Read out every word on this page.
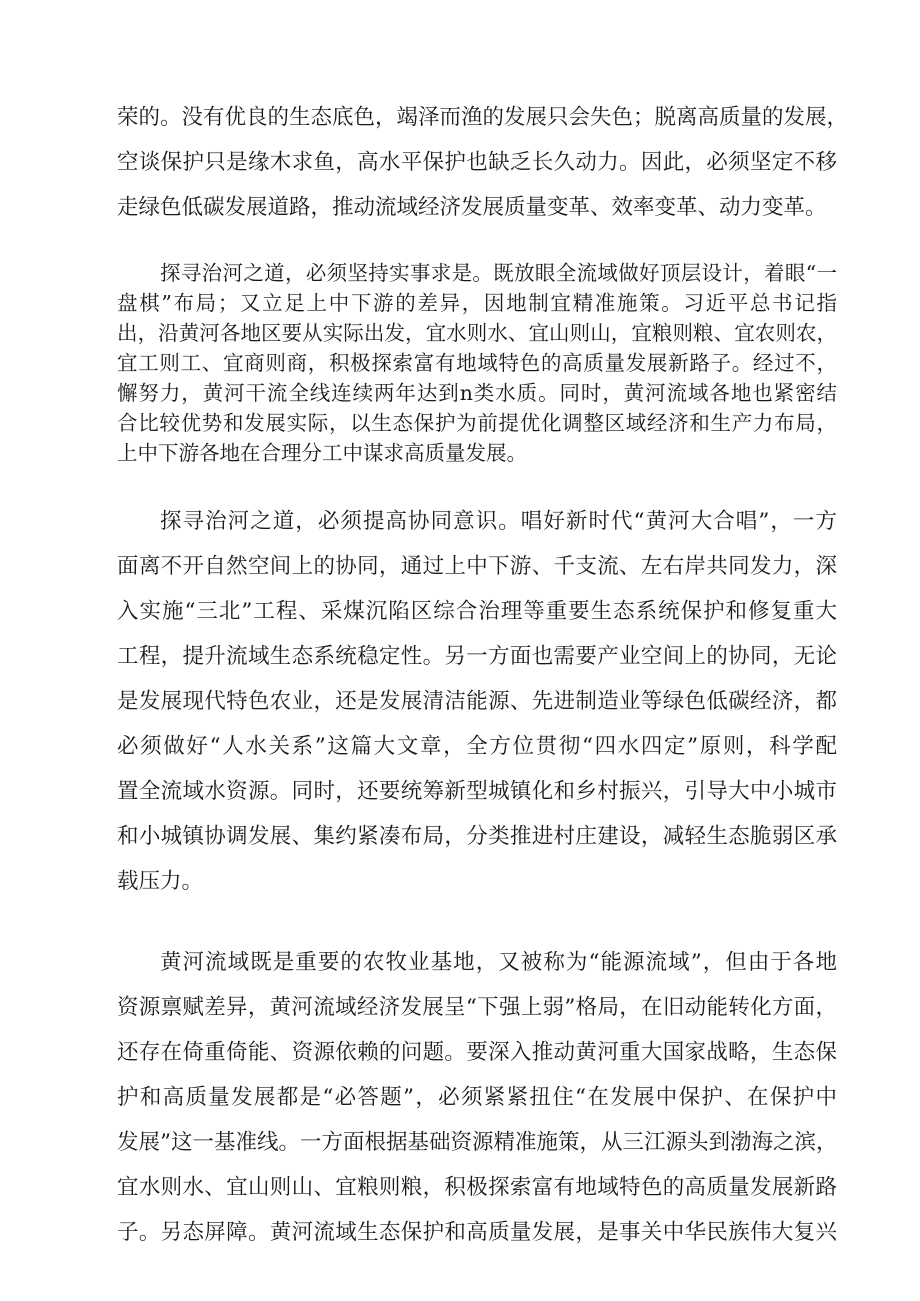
荣的。没有优良的生态底色，竭泽而渔的发展只会失色；脱离高质量的发展，
空谈保护只是缘木求鱼，高水平保护也缺乏长久动力。因此，必须坚定不移
走绿色低碳发展道路，推动流域经济发展质量变革、效率变革、动力变革。
探寻治河之道，必须坚持实事求是。既放眼全流域做好顶层设计，着眼“一
盘棋”布局；又立足上中下游的差异，因地制宜精准施策。习近平总书记指
出，沿黄河各地区要从实际出发，宜水则水、宜山则山，宜粮则粮、宜农则农，
宜工则工、宜商则商，积极探索富有地域特色的高质量发展新路子。经过不，
懈努力，黄河干流全线连续两年达到n类水质。同时，黄河流域各地也紧密结
合比较优势和发展实际，以生态保护为前提优化调整区域经济和生产力布局，
上中下游各地在合理分工中谋求高质量发展。
探寻治河之道，必须提高协同意识。唱好新时代“黄河大合唱”，一方
面离不开自然空间上的协同，通过上中下游、千支流、左右岸共同发力，深
入实施“三北”工程、采煤沉陷区综合治理等重要生态系统保护和修复重大
工程，提升流域生态系统稳定性。另一方面也需要产业空间上的协同，无论
是发展现代特色农业，还是发展清洁能源、先进制造业等绿色低碳经济，都
必须做好“人水关系”这篇大文章，全方位贯彻“四水四定”原则，科学配
置全流域水资源。同时，还要统筹新型城镇化和乡村振兴，引导大中小城市
和小城镇协调发展、集约紧凑布局，分类推进村庄建设，减轻生态脆弱区承
载压力。
黄河流域既是重要的农牧业基地，又被称为“能源流域”，但由于各地
资源禀赋差异，黄河流域经济发展呈“下强上弱”格局，在旧动能转化方面，
还存在倚重倚能、资源依赖的问题。要深入推动黄河重大国家战略，生态保
护和高质量发展都是“必答题”，必须紧紧扭住“在发展中保护、在保护中
发展”这一基准线。一方面根据基础资源精准施策，从三江源头到渤海之滨，
宜水则水、宜山则山、宜粮则粮，积极探索富有地域特色的高质量发展新路
子。另态屏障。黄河流域生态保护和高质量发展，是事关中华民族伟大复兴
